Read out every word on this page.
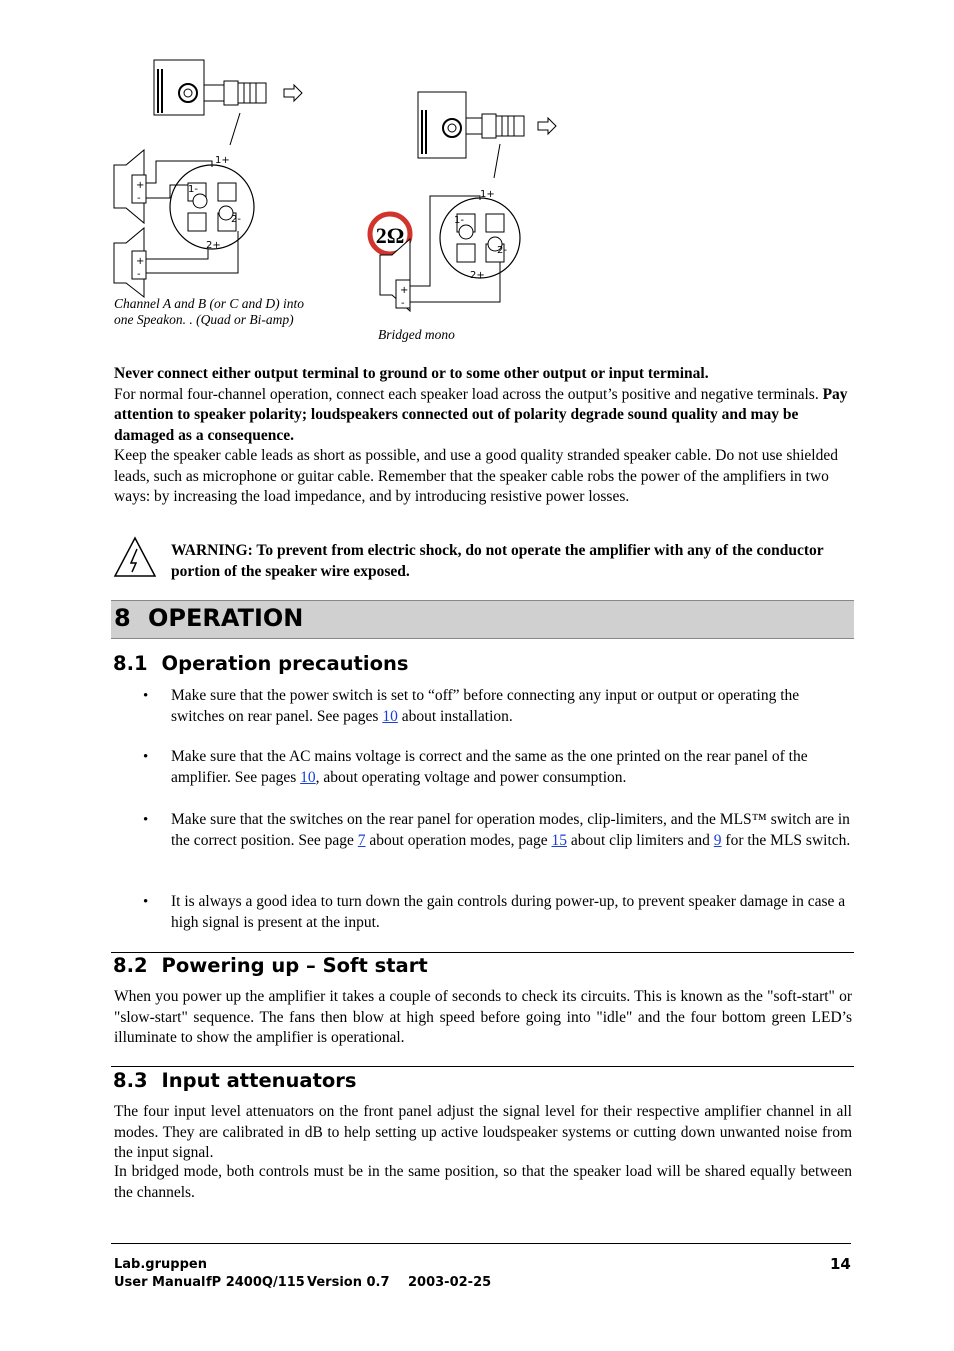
+
-
+
-
1+
1-
2-
2+
Channel A and B (or C and D) into
one Speakon. . (Quad or Bi-amp)
2Ω
+
-
1+
1-
2-
2+
Bridged mono
Never connect either output terminal to ground or to some other output or input terminal.
For normal four-channel operation, connect each speaker load across the output’s positive and negative terminals. Pay attention to speaker polarity; loudspeakers connected out of polarity degrade sound quality and may be damaged as a consequence.
Keep the speaker cable leads as short as possible, and use a good quality stranded speaker cable. Do not use shielded leads, such as microphone or guitar cable. Remember that the speaker cable robs the power of the amplifiers in two ways: by increasing the load impedance, and by introducing resistive power losses.
WARNING: To prevent from electric shock, do not operate the amplifier with any of the conductor portion of the speaker wire exposed.
8 OPERATION
8.1 Operation precautions
• Make sure that the power switch is set to “off” before connecting any input or output or operating the switches on rear panel. See pages 10 about installation.
• Make sure that the AC mains voltage is correct and the same as the one printed on the rear panel of the amplifier. See pages 10, about operating voltage and power consumption.
• Make sure that the switches on the rear panel for operation modes, clip-limiters, and the MLS™ switch are in the correct position. See page 7 about operation modes, page 15 about clip limiters and 9 for the MLS switch.
• It is always a good idea to turn down the gain controls during power-up, to prevent speaker damage in case a high signal is present at the input.
8.2 Powering up – Soft start
When you power up the amplifier it takes a couple of seconds to check its circuits. This is known as the "soft-start" or "slow-start" sequence. The fans then blow at high speed before going into "idle" and the four bottom green LED’s illuminate to show the amplifier is operational.
8.3 Input attenuators
The four input level attenuators on the front panel adjust the signal level for their respective amplifier channel in all modes. They are calibrated in dB to help setting up active loudspeaker systems or cutting down unwanted noise from the input signal.
In bridged mode, both controls must be in the same position, so that the speaker load will be shared equally between the channels.
Lab.gruppen	14
User Manual fP 2400Q/115 Version 0.7 2003-02-25
